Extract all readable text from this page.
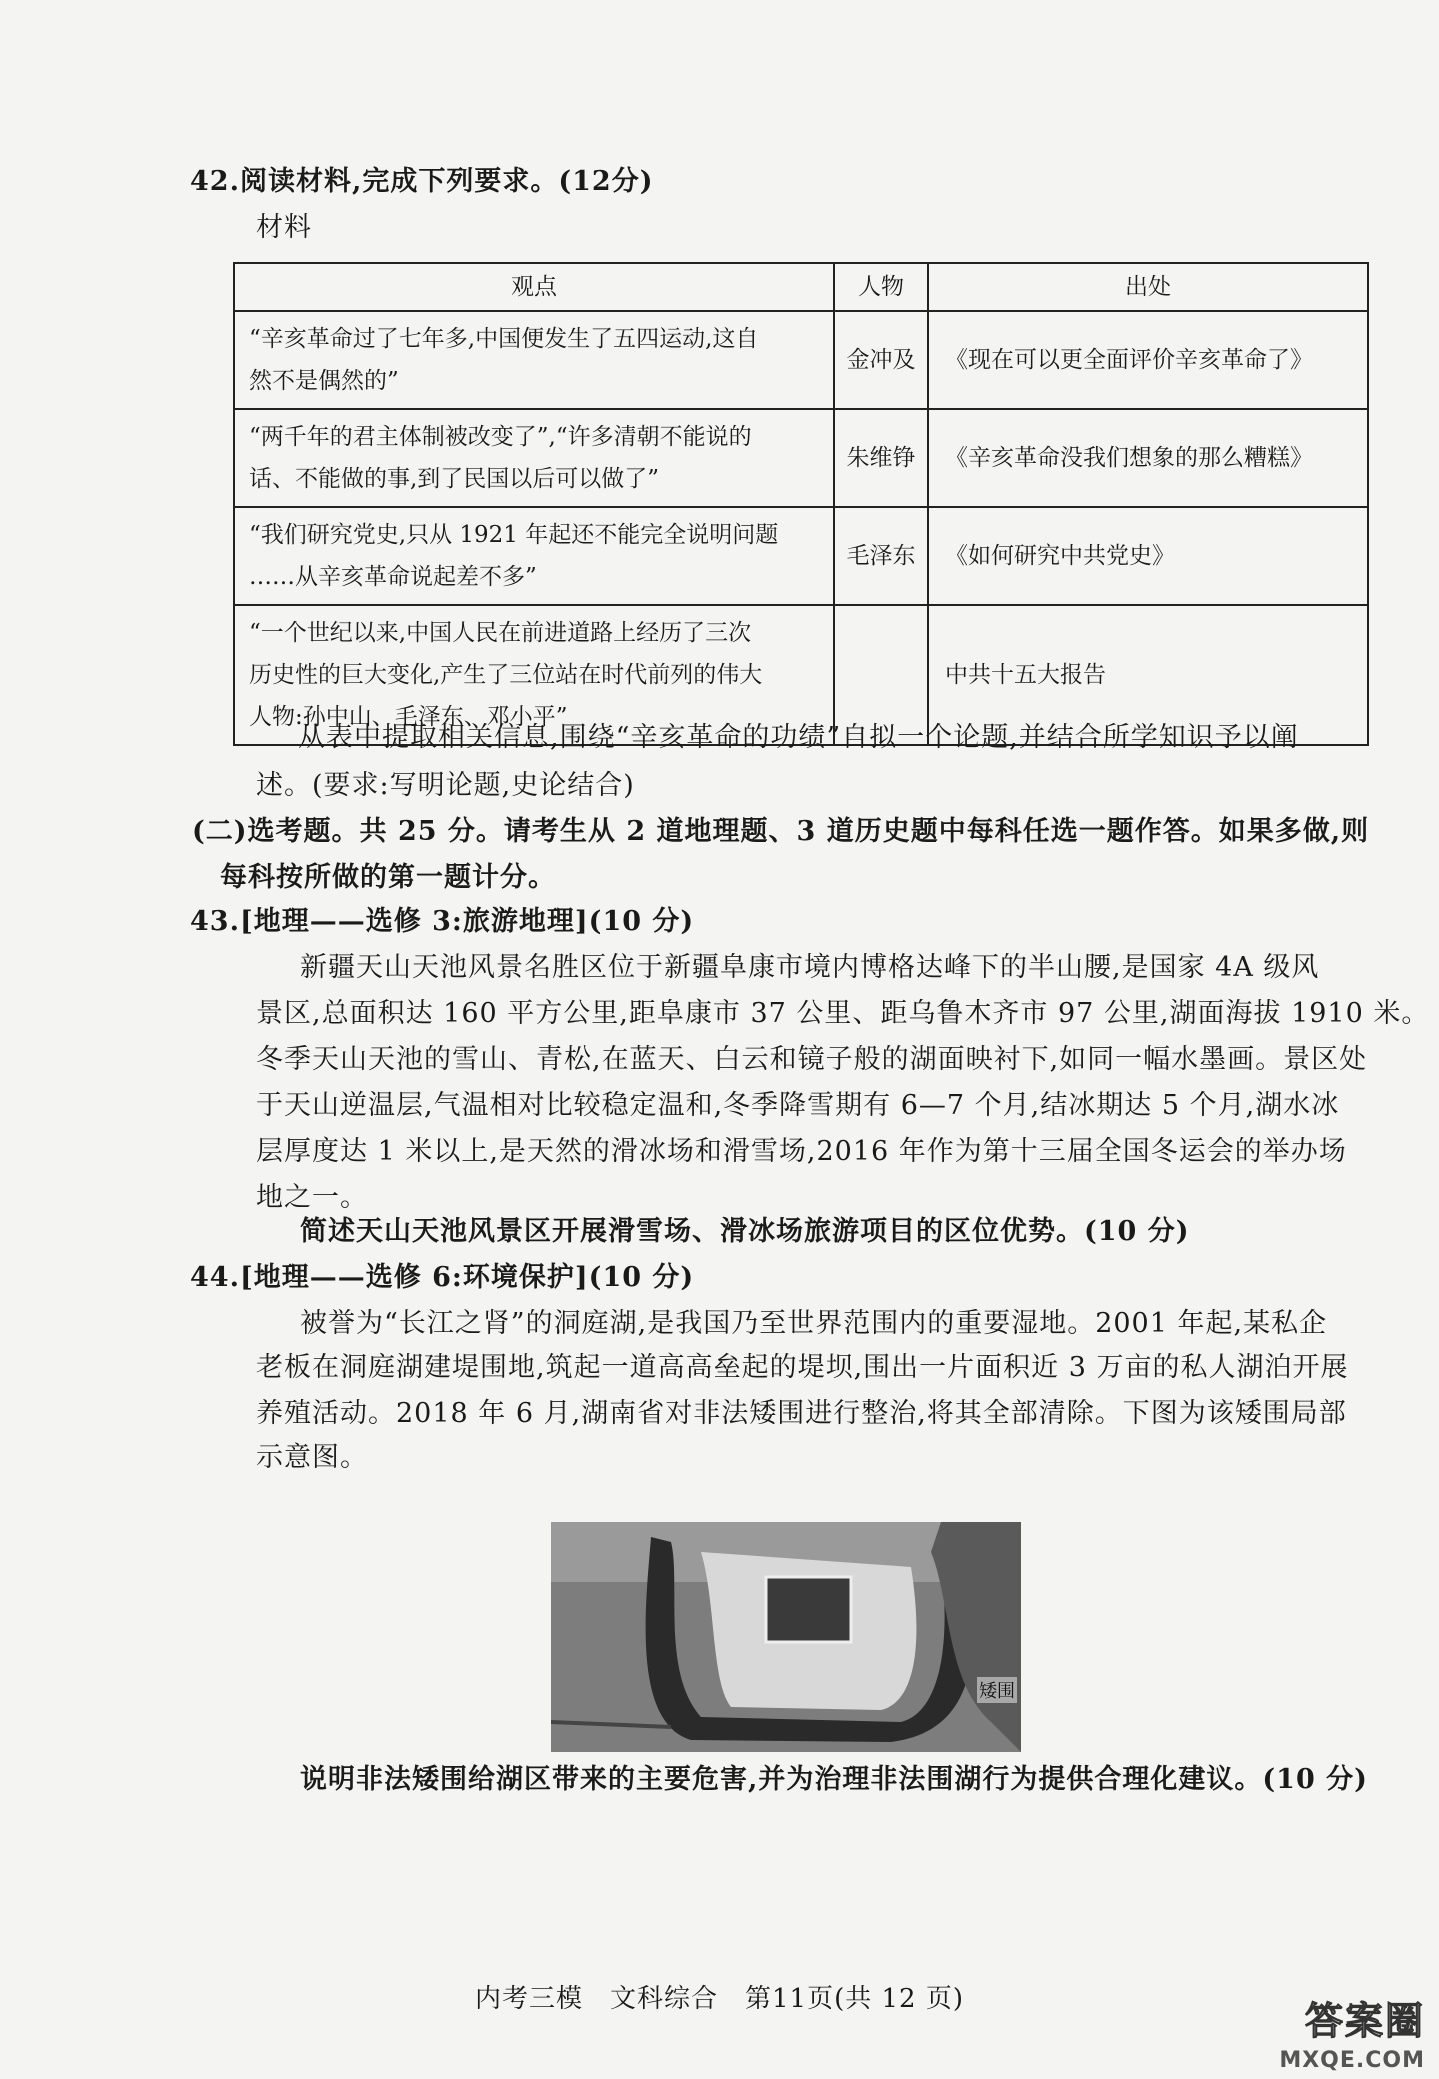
42.阅读材料,完成下列要求。(12分)
材料
观点	人物	出处

“辛亥革命过了七年多,中国便发生了五四运动,这自
然不是偶然的”	金冲及	《现在可以更全面评价辛亥革命了》

“两千年的君主体制被改变了”,“许多清朝不能说的
话、不能做的事,到了民国以后可以做了”	朱维铮	《辛亥革命没我们想象的那么糟糕》

“我们研究党史,只从 1921 年起还不能完全说明问题
……从辛亥革命说起差不多”	毛泽东	《如何研究中共党史》

“一个世纪以来,中国人民在前进道路上经历了三次
历史性的巨大变化,产生了三位站在时代前列的伟大
人物:孙中山、毛泽东、邓小平”		中共十五大报告
从表中提取相关信息,围绕“辛亥革命的功绩”自拟一个论题,并结合所学知识予以阐
述。(要求:写明论题,史论结合)
(二)选考题。共 25 分。请考生从 2 道地理题、3 道历史题中每科任选一题作答。如果多做,则
每科按所做的第一题计分。
43.[地理——选修 3:旅游地理](10 分)
新疆天山天池风景名胜区位于新疆阜康市境内博格达峰下的半山腰,是国家 4A 级风
景区,总面积达 160 平方公里,距阜康市 37 公里、距乌鲁木齐市 97 公里,湖面海拔 1910 米。
冬季天山天池的雪山、青松,在蓝天、白云和镜子般的湖面映衬下,如同一幅水墨画。景区处
于天山逆温层,气温相对比较稳定温和,冬季降雪期有 6—7 个月,结冰期达 5 个月,湖水冰
层厚度达 1 米以上,是天然的滑冰场和滑雪场,2016 年作为第十三届全国冬运会的举办场
地之一。
简述天山天池风景区开展滑雪场、滑冰场旅游项目的区位优势。(10 分)
44.[地理——选修 6:环境保护](10 分)
被誉为“长江之肾”的洞庭湖,是我国乃至世界范围内的重要湿地。2001 年起,某私企
老板在洞庭湖建堤围地,筑起一道高高垒起的堤坝,围出一片面积近 3 万亩的私人湖泊开展
养殖活动。2018 年 6 月,湖南省对非法矮围进行整治,将其全部清除。下图为该矮围局部
示意图。
矮围
说明非法矮围给湖区带来的主要危害,并为治理非法围湖行为提供合理化建议。(10 分)
内考三模　文科综合　第11页(共 12 页)	答案圈
MXQE.COM
